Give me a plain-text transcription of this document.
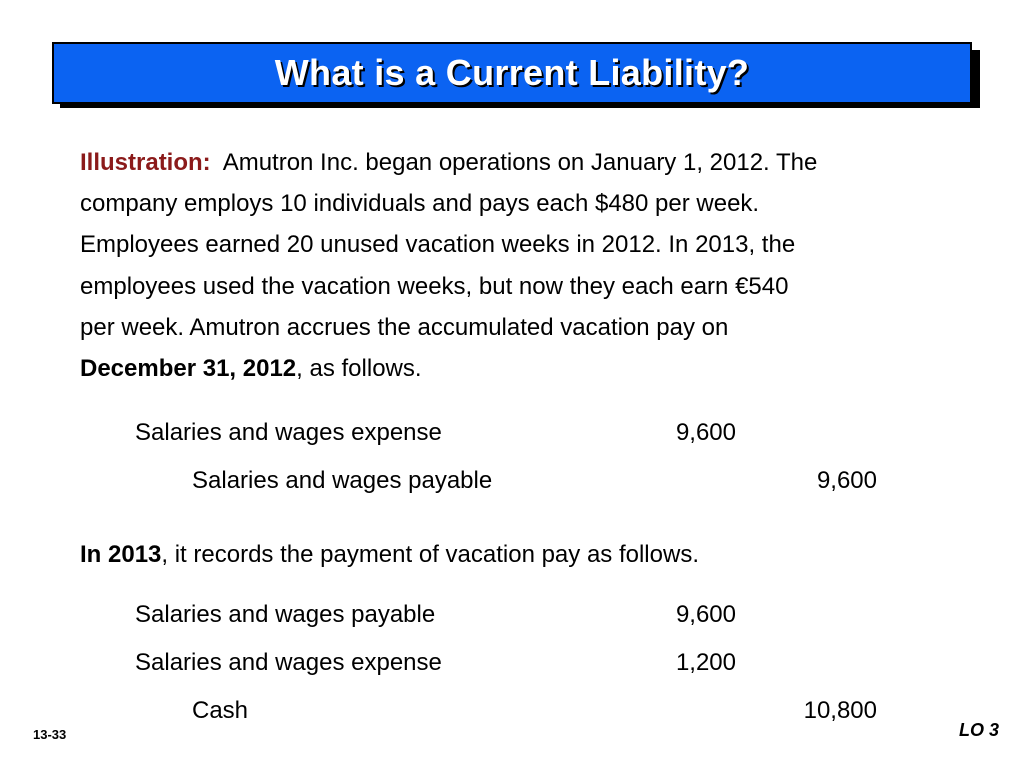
What is a Current Liability?
Illustration: Amutron Inc. began operations on January 1, 2012. The
company employs 10 individuals and pays each $480 per week.
Employees earned 20 unused vacation weeks in 2012. In 2013, the
employees used the vacation weeks, but now they each earn €540
per week. Amutron accrues the accumulated vacation pay on
December 31, 2012, as follows.
Salaries and wages expense	9,600
Salaries and wages payable	9,600
In 2013, it records the payment of vacation pay as follows.
Salaries and wages payable	9,600
Salaries and wages expense	1,200
Cash	10,800
13-33	LO 3
